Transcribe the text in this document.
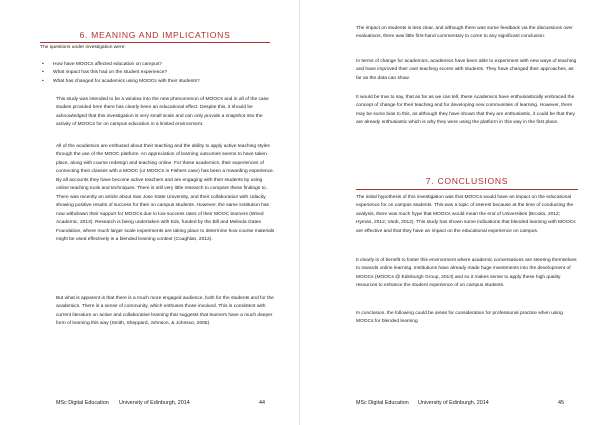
6. MEANING AND IMPLICATIONS

The questions under investigation were:

• How have MOOCs affected education on campus?
• What impact has this had on the student experience?
• What has changed for academics using MOOCs with their students?

This study was intended to be a window into the new phenomenon of MOOCs and in all of the case studies provided here there has clearly been an educational effect. Despite this, it should be acknowledged that this investigation is very small scale and can only provide a snapshot into the activity of MOOCs for on campus education in a limited environment.

All of the academics are enthused about their teaching and the ability to apply active teaching styles through the use of the MOOC platform. An appreciation of learning outcomes seems to have taken place, along with course redesign and teaching online. For these academics, their experiences of connecting their classes with a MOOC (or MOOCs in Fishers case) has been a rewarding experience. By all accounts they have become active teachers and are engaging with their students by using online teaching tools and techniques. There is still very little research to compare these findings to. There was recently an article about San Jose State University, and their collaboration with Udacity showing positive results of success for their on campus students. However, the same institution has now withdrawn their support for MOOCs due to low success rates of their MOOC learners (Wired Academic, 2013). Research is being undertaken with Edx, funded by the Bill and Melinda Gates Foundation, where much larger scale experiments are taking place to determine how course materials might be used effectively in a blended learning context (Coughlan, 2012).

But what is apparent is that there is a much more engaged audience, both for the students and for the academics. There is a sense of community, which enthuses those involved. This is consistent with current literature on active and collaborative learning that suggests that learners have a much deeper form of learning this way (Smith, Sheppard, Johnson, & Johnson, 2005).

MSc Digital Education University of Edinburgh, 2014	44

The impact on students is less clear, and although there was some feedback via the discussions over evaluations, there was little first-hand commentary to come to any significant conclusion.

In terms of change for academics, academics have been able to experiment with new ways of teaching and have improved their own teaching scores with students. They have changed their approaches, as far as the data can show.

It would be true to say, that as far as we can tell, these Academics have enthusiastically embraced the concept of change for their teaching and for developing new communities of learning. However, there may be some bias to this, as although they have shown that they are enthusiastic, it could be that they are already enthusiastic which is why they were using the platform in this way in the first place.

7. CONCLUSIONS

The initial hypothesis of this investigation was that MOOCs would have an impact on the educational experience for on campus students. This was a topic of interest because at the time of conducting the analysis, there was much hype that MOOCs would mean the end of Universities (Brooks, 2012; Hyman, 2012; Vardi, 2012). This study has shown some indications that blended learning with MOOCs are effective and that they have an impact on the educational experience on campus.

It clearly is of benefit to foster this environment where academic conversations are steering themselves to towards online learning. Institutions have already made huge investments into the development of MOOCs (MOOCs @ Edinburgh Group, 2013) and so it makes sense to apply these high quality resources to enhance the student experience of on campus students.

In conclusion, the following could be areas for consideration for professional practice when using MOOCs for blended learning

MSc Digital Education University of Edinburgh, 2014	45
